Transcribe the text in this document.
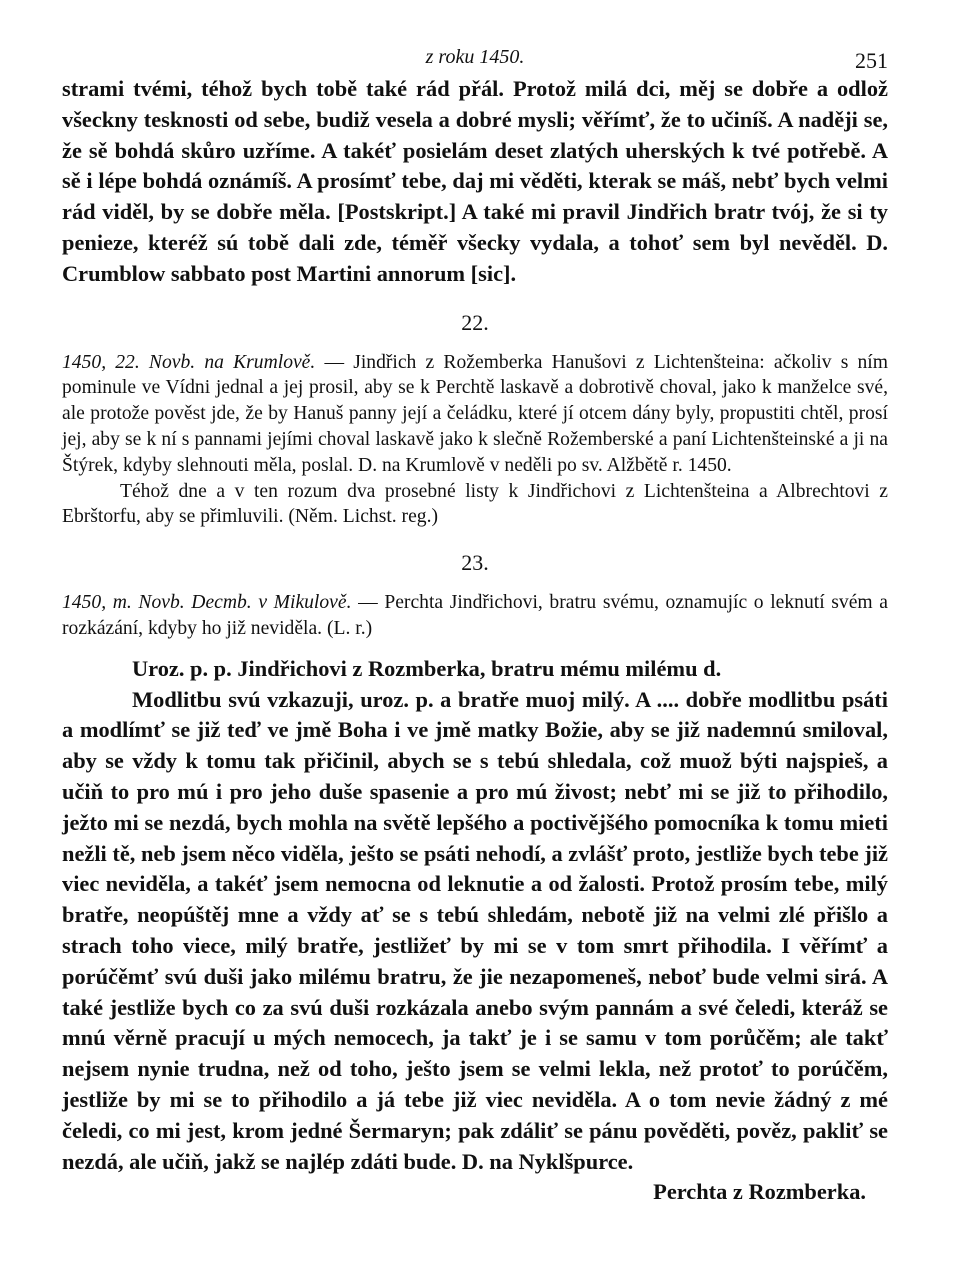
z roku 1450.	251

strami tvémi, téhož bych tobě také rád přál. Protož milá dci, měj se dobře a odlož všeckny tesknosti od sebe, budiž vesela a dobré mysli; věřímť, že to učiníš. A naději se, že sě bohdá skůro uzříme. A takéť posielám deset zlatých uherských k tvé potřebě. A sě i lépe bohdá oznámíš. A prosímť tebe, daj mi věděti, kterak se máš, nebť bych velmi rád viděl, by se dobře měla. [Postskript.] A také mi pravil Jindřich bratr tvój, že si ty penieze, kteréž sú tobě dali zde, téměř všecky vydala, a tohoť sem byl nevěděl. D. Crumblow sabbato post Martini annorum [sic].

22.

1450, 22. Novb. na Krumlově. — Jindřich z Rožemberka Hanušovi z Lichtenšteina: ačkoliv s ním pominule ve Vídni jednal a jej prosil, aby se k Perchtě laskavě a dobrotivě choval, jako k manželce své, ale protože pověst jde, že by Hanuš panny její a čeládku, které jí otcem dány byly, propustiti chtěl, prosí jej, aby se k ní s pannami jejími choval laskavě jako k slečně Rožemberské a paní Lichtenšteinské a ji na Štýrek, kdyby slehnouti měla, poslal. D. na Krumlově v neděli po sv. Alžbětě r. 1450.

Téhož dne a v ten rozum dva prosebné listy k Jindřichovi z Lichtenšteina a Albrechtovi z Ebrštorfu, aby se přimluvili. (Něm. Lichst. reg.)

23.

1450, m. Novb. Decmb. v Mikulově. — Perchta Jindřichovi, bratru svému, oznamujíc o leknutí svém a rozkázání, kdyby ho již neviděla. (L. r.)

Uroz. p. p. Jindřichovi z Rozmberka, bratru mému milému d.

Modlitbu svú vzkazuji, uroz. p. a bratře muoj milý. A .... dobře modlitbu psáti a modlímť se již teď ve jmě Boha i ve jmě matky Božie, aby se již nademnú smiloval, aby se vždy k tomu tak přičinil, abych se s tebú shledala, což muož býti najspieš, a učiň to pro mú i pro jeho duše spasenie a pro mú živost; nebť mi se již to přihodilo, ježto mi se nezdá, bych mohla na světě lepšého a poctivějšého pomocníka k tomu mieti nežli tě, neb jsem něco viděla, ješto se psáti nehodí, a zvlášť proto, jestliže bych tebe již viec neviděla, a takéť jsem nemocna od leknutie a od žalosti. Protož prosím tebe, milý bratře, neopúštěj mne a vždy ať se s tebú shledám, nebotě již na velmi zlé přišlo a strach toho viece, milý bratře, jestližeť by mi se v tom smrt přihodila. I věřímť a porúčěmť svú duši jako milému bratru, že jie nezapomeneš, neboť bude velmi sirá. A také jestliže bych co za svú duši rozkázala anebo svým pannám a své čeledi, kteráž se mnú věrně pracují u mých nemocech, ja takť je i se samu v tom porůčěm; ale takť nejsem nynie trudna, než od toho, ješto jsem se velmi lekla, než protoť to porúčěm, jestliže by mi se to přihodilo a já tebe již viec neviděla. A o tom nevie žádný z mé čeledi, co mi jest, krom jedné Šermaryn; pak zdáliť se pánu pověděti, pověz, pakliť se nezdá, ale učiň, jakž se najlép zdáti bude. D. na Nyklšpurce.
Perchta z Rozmberka.
